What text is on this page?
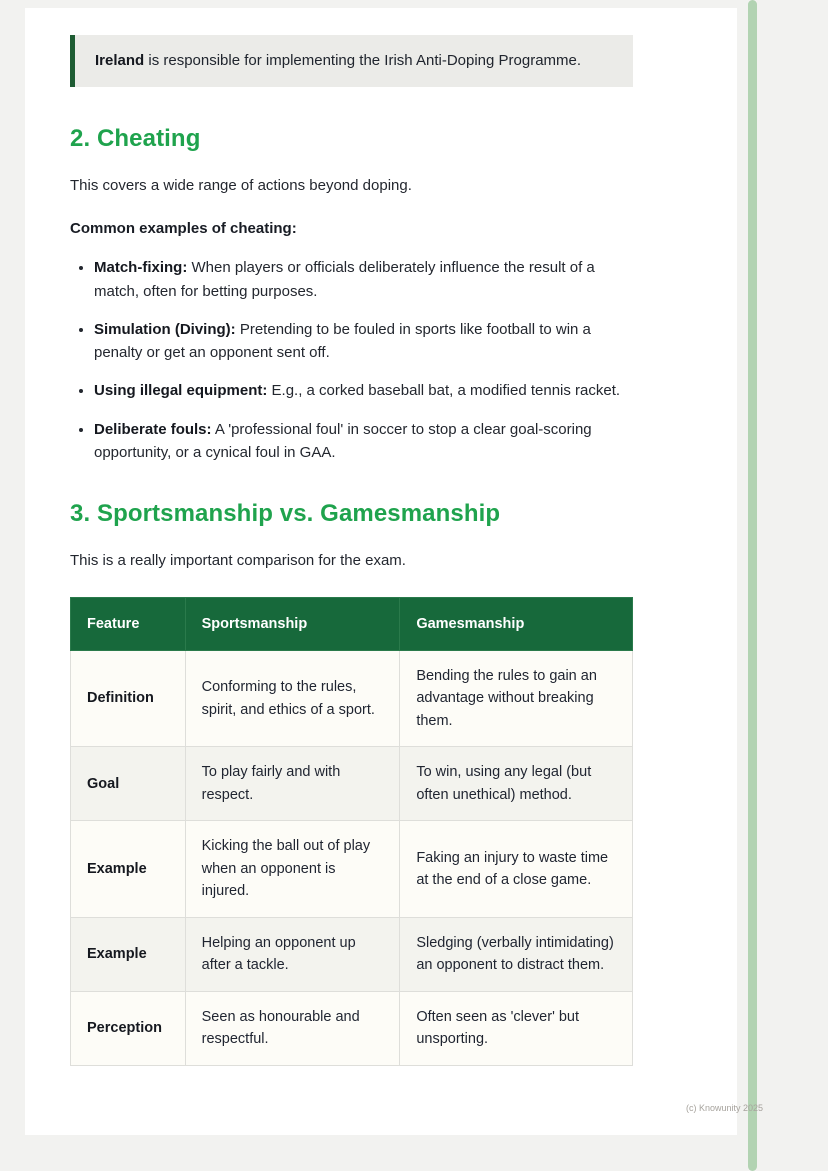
Ireland is responsible for implementing the Irish Anti-Doping Programme.

2. Cheating

This covers a wide range of actions beyond doping.

Common examples of cheating:

• Match-fixing: When players or officials deliberately influence the result of a match, often for betting purposes.
• Simulation (Diving): Pretending to be fouled in sports like football to win a penalty or get an opponent sent off.
• Using illegal equipment: E.g., a corked baseball bat, a modified tennis racket.
• Deliberate fouls: A 'professional foul' in soccer to stop a clear goal-scoring opportunity, or a cynical foul in GAA.
3. Sportsmanship vs. Gamesmanship

This is a really important comparison for the exam.

Feature	Sportsmanship	Gamesmanship
Definition	Conforming to the rules, spirit, and ethics of a sport.	Bending the rules to gain an advantage without breaking them.
Goal	To play fairly and with respect.	To win, using any legal (but often unethical) method.
Example	Kicking the ball out of play when an opponent is injured.	Faking an injury to waste time at the end of a close game.
Example	Helping an opponent up after a tackle.	Sledging (verbally intimidating) an opponent to distract them.
Perception	Seen as honourable and respectful.	Often seen as 'clever' but unsporting.
(c) Knowunity 2025
